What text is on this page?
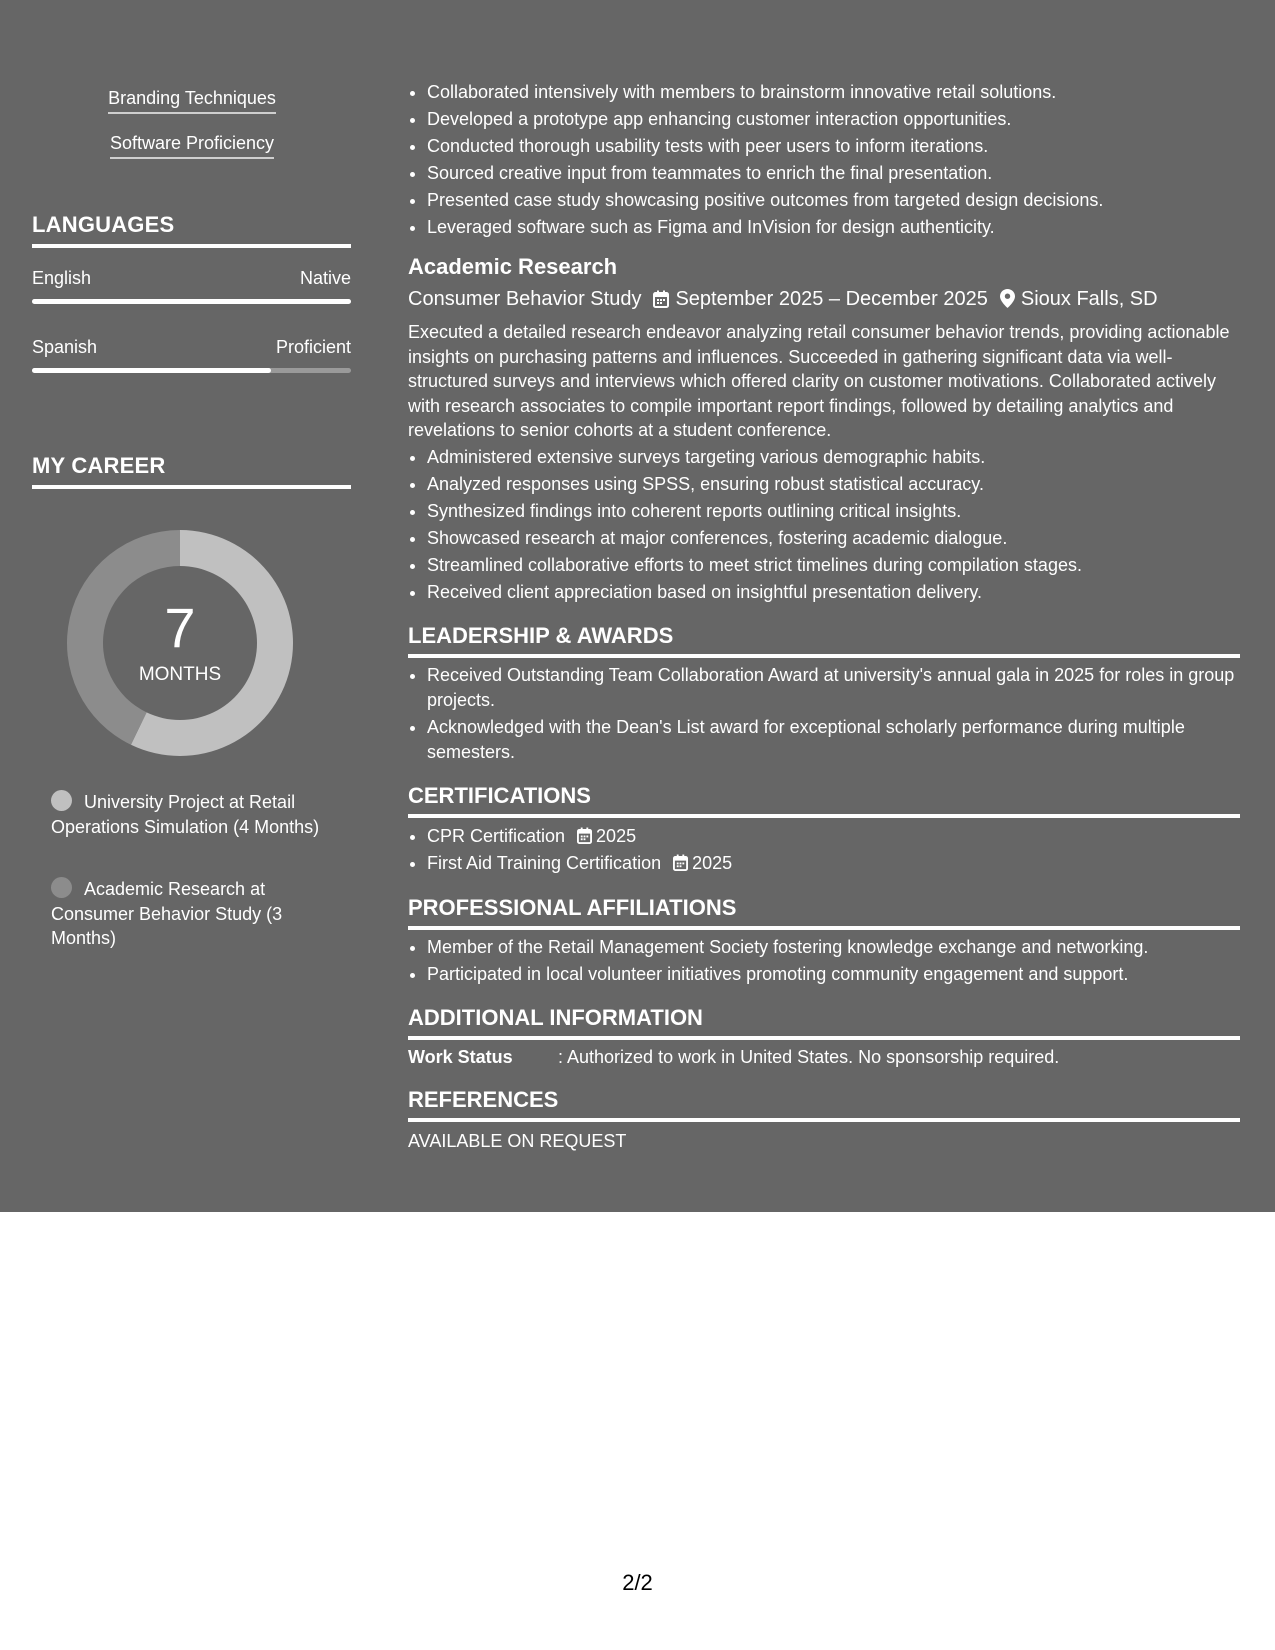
Branding Techniques
Software Proficiency
LANGUAGES
English	Native
Spanish	Proficient
MY CAREER
7
MONTHS
University Project at Retail Operations Simulation (4 Months)
Academic Research at Consumer Behavior Study (3 Months)
• Collaborated intensively with members to brainstorm innovative retail solutions.
• Developed a prototype app enhancing customer interaction opportunities.
• Conducted thorough usability tests with peer users to inform iterations.
• Sourced creative input from teammates to enrich the final presentation.
• Presented case study showcasing positive outcomes from targeted design decisions.
• Leveraged software such as Figma and InVision for design authenticity.
Academic Research
Consumer Behavior Study September 2025 – December 2025 Sioux Falls, SD
Executed a detailed research endeavor analyzing retail consumer behavior trends, providing actionable insights on purchasing patterns and influences. Succeeded in gathering significant data via well-structured surveys and interviews which offered clarity on customer motivations. Collaborated actively with research associates to compile important report findings, followed by detailing analytics and revelations to senior cohorts at a student conference.
• Administered extensive surveys targeting various demographic habits.
• Analyzed responses using SPSS, ensuring robust statistical accuracy.
• Synthesized findings into coherent reports outlining critical insights.
• Showcased research at major conferences, fostering academic dialogue.
• Streamlined collaborative efforts to meet strict timelines during compilation stages.
• Received client appreciation based on insightful presentation delivery.
LEADERSHIP & AWARDS
• Received Outstanding Team Collaboration Award at university's annual gala in 2025 for roles in group projects.
• Acknowledged with the Dean's List award for exceptional scholarly performance during multiple semesters.
CERTIFICATIONS
• CPR Certification 2025
• First Aid Training Certification 2025
PROFESSIONAL AFFILIATIONS
• Member of the Retail Management Society fostering knowledge exchange and networking.
• Participated in local volunteer initiatives promoting community engagement and support.
ADDITIONAL INFORMATION
Work Status	: Authorized to work in United States. No sponsorship required.
REFERENCES
AVAILABLE ON REQUEST
2/2
